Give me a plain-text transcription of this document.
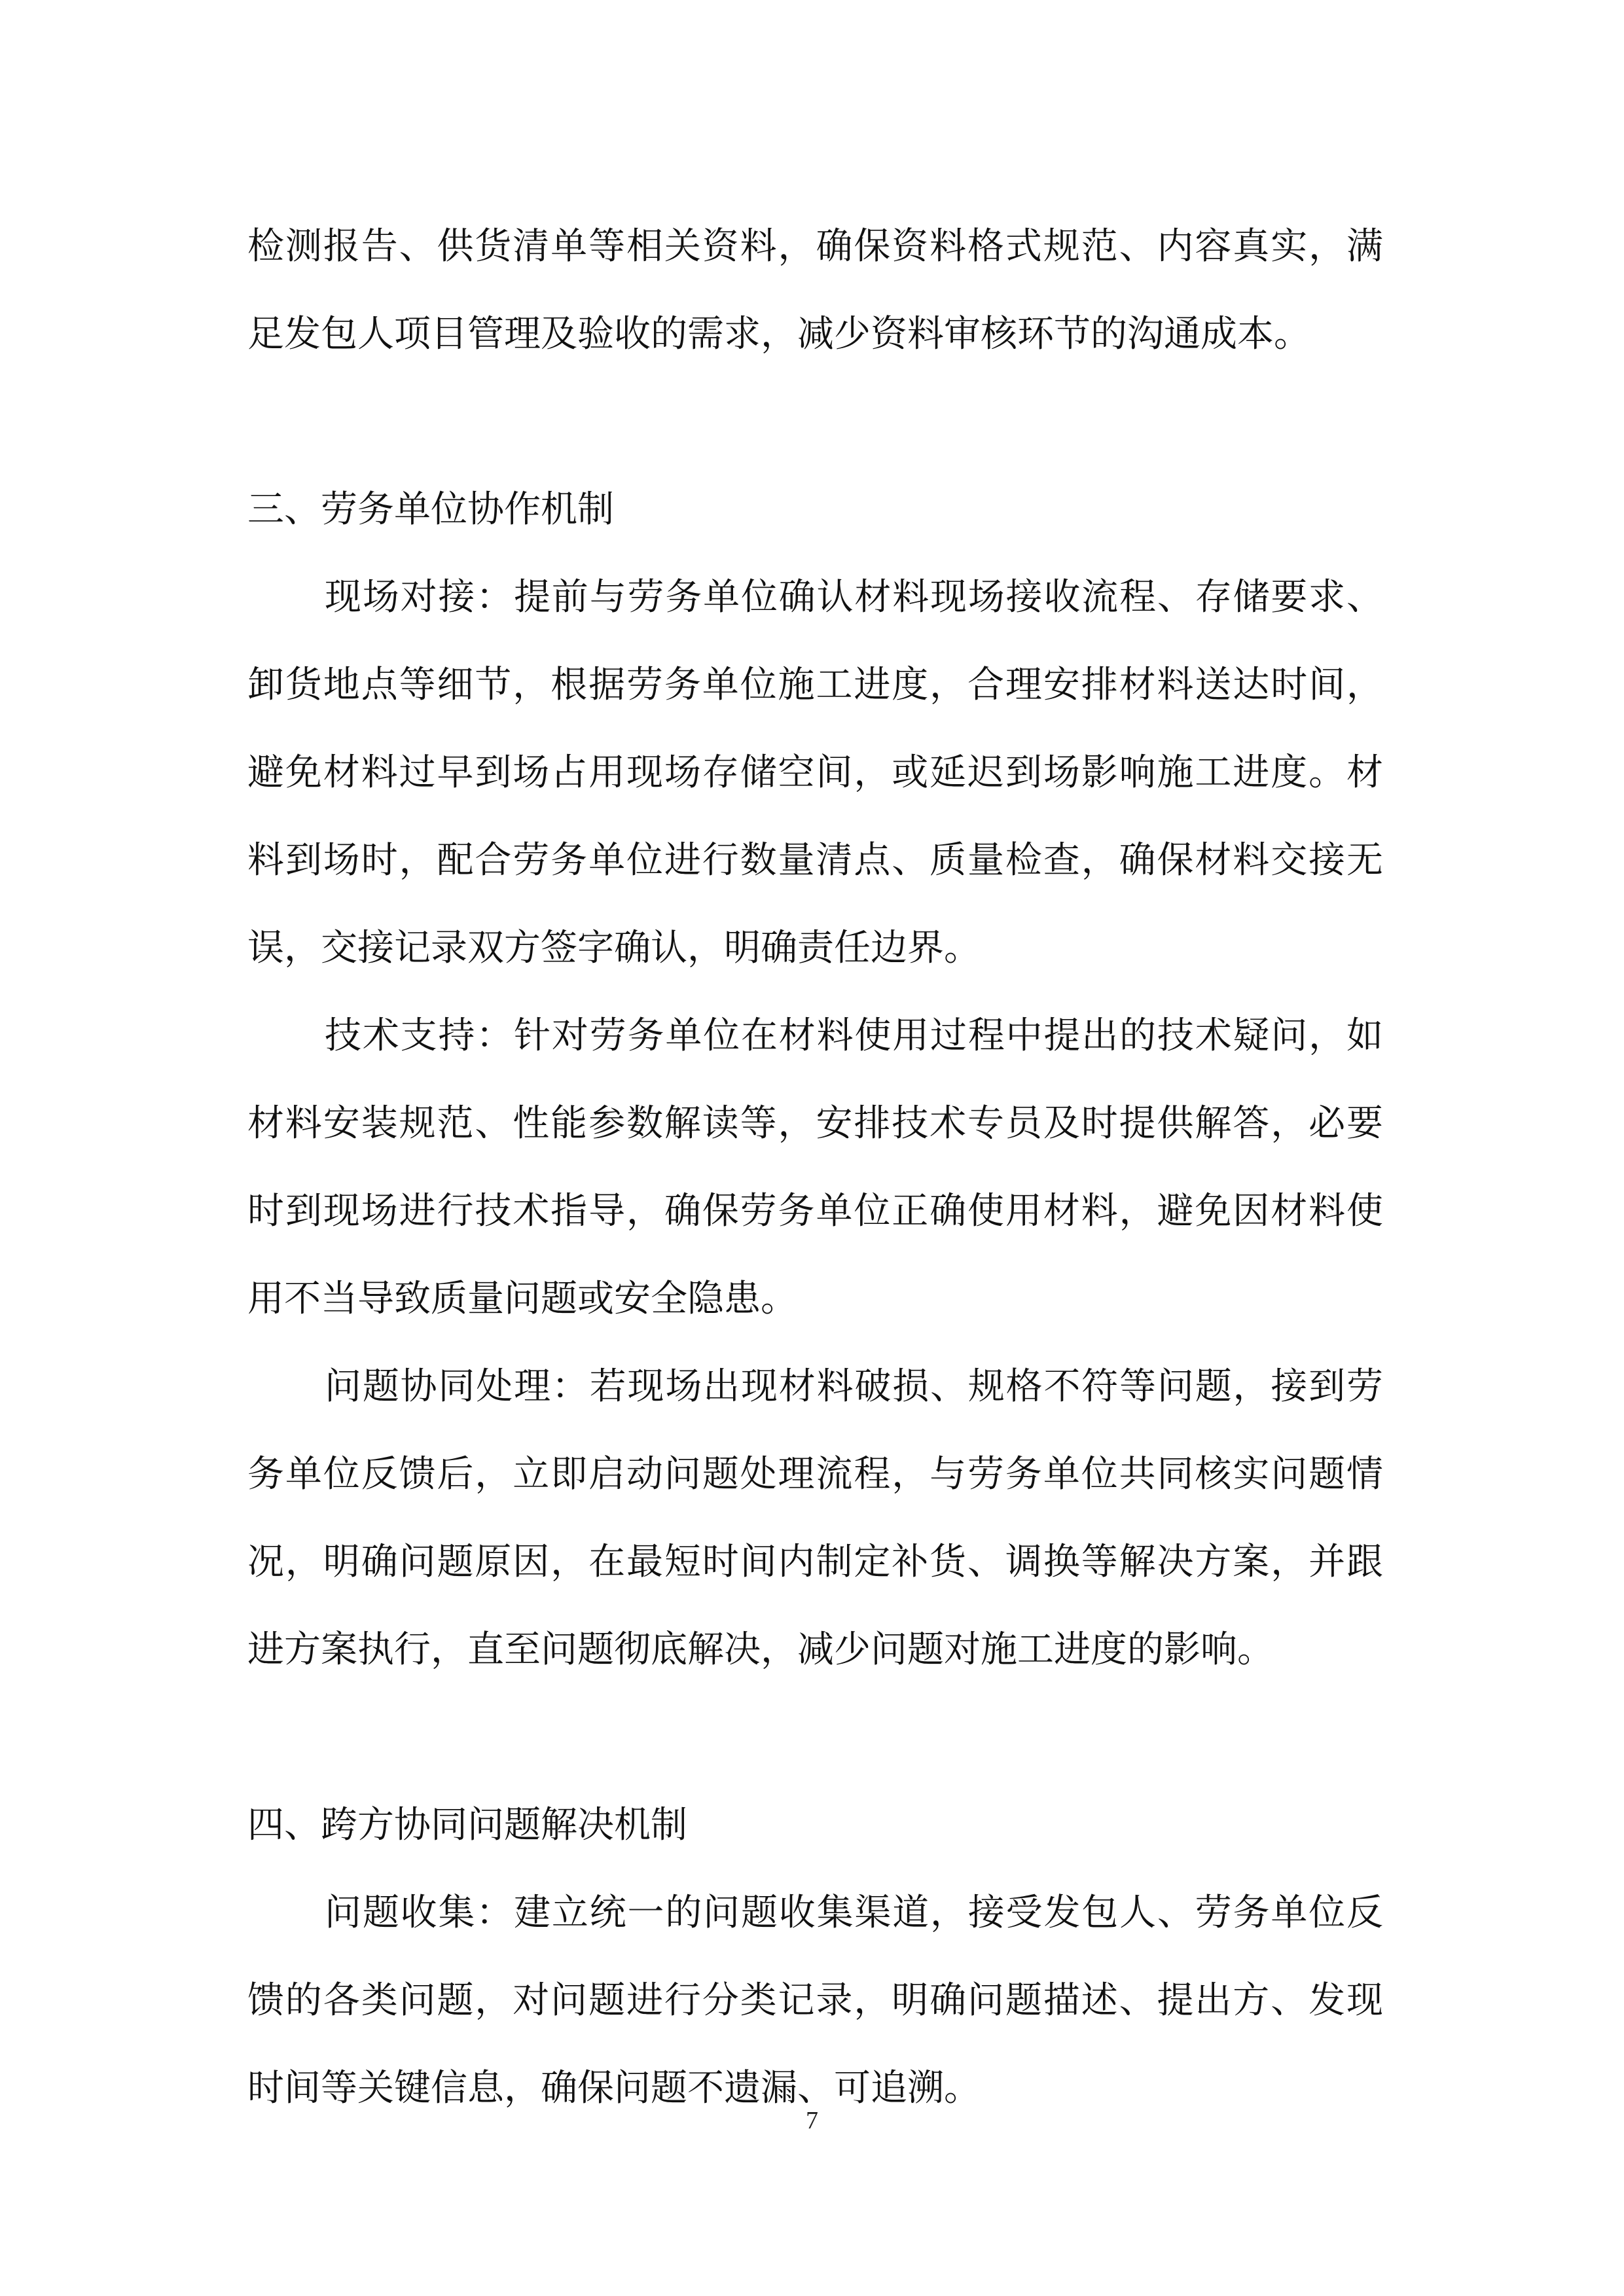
检测报告、供货清单等相关资料，确保资料格式规范、内容真实，满足发包人项目管理及验收的需求，减少资料审核环节的沟通成本。

三、劳务单位协作机制

现场对接：提前与劳务单位确认材料现场接收流程、存储要求、卸货地点等细节，根据劳务单位施工进度，合理安排材料送达时间，避免材料过早到场占用现场存储空间，或延迟到场影响施工进度。材料到场时，配合劳务单位进行数量清点、质量检查，确保材料交接无误，交接记录双方签字确认，明确责任边界。

技术支持：针对劳务单位在材料使用过程中提出的技术疑问，如材料安装规范、性能参数解读等，安排技术专员及时提供解答，必要时到现场进行技术指导，确保劳务单位正确使用材料，避免因材料使用不当导致质量问题或安全隐患。

问题协同处理：若现场出现材料破损、规格不符等问题，接到劳务单位反馈后，立即启动问题处理流程，与劳务单位共同核实问题情况，明确问题原因，在最短时间内制定补货、调换等解决方案，并跟进方案执行，直至问题彻底解决，减少问题对施工进度的影响。

四、跨方协同问题解决机制

问题收集：建立统一的问题收集渠道，接受发包人、劳务单位反馈的各类问题，对问题进行分类记录，明确问题描述、提出方、发现时间等关键信息，确保问题不遗漏、可追溯。

7
